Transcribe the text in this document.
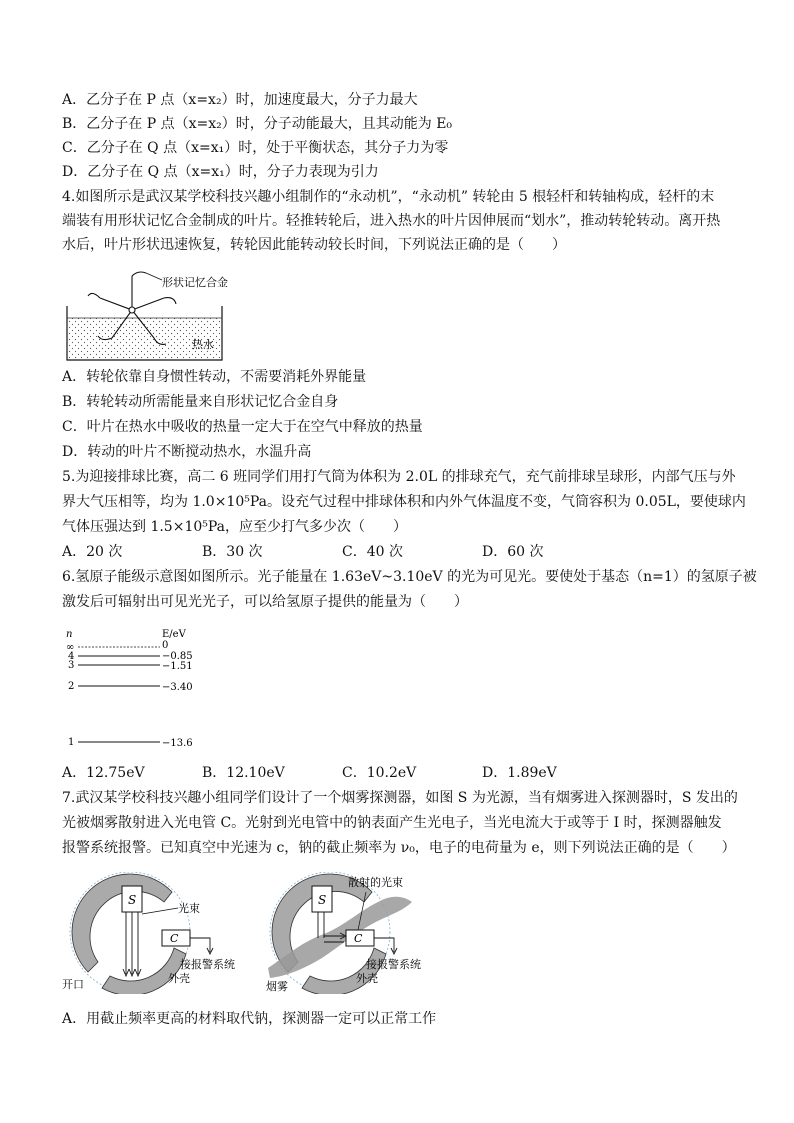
A．乙分子在 P 点（x=x₂）时，加速度最大，分子力最大
B．乙分子在 P 点（x=x₂）时，分子动能最大，且其动能为 E₀
C．乙分子在 Q 点（x=x₁）时，处于平衡状态，其分子力为零
D．乙分子在 Q 点（x=x₁）时，分子力表现为引力
4.如图所示是武汉某学校科技兴趣小组制作的“永动机”，“永动机” 转轮由 5 根轻杆和转轴构成，轻杆的末
端装有用形状记忆合金制成的叶片。轻推转轮后，进入热水的叶片因伸展而“划水”，推动转轮转动。离开热
水后，叶片形状迅速恢复，转轮因此能转动较长时间，下列说法正确的是（　　）
形状记忆合金
热水
A．转轮依靠自身惯性转动，不需要消耗外界能量
B．转轮转动所需能量来自形状记忆合金自身
C．叶片在热水中吸收的热量一定大于在空气中释放的热量
D．转动的叶片不断搅动热水，水温升高
5.为迎接排球比赛，高二 6 班同学们用打气筒为体积为 2.0L 的排球充气，充气前排球呈球形，内部气压与外
界大气压相等，均为 1.0×10⁵Pa。设充气过程中排球体积和内外气体温度不变，气筒容积为 0.05L，要使球内
气体压强达到 1.5×10⁵Pa，应至少打气多少次（　　）
A．20 次	B．30 次	C．40 次	D．60 次
6.氢原子能级示意图如图所示。光子能量在 1.63eV~3.10eV 的光为可见光。要使处于基态（n=1）的氢原子被
激发后可辐射出可见光光子，可以给氢原子提供的能量为（　　）
n	E/eV
∞	0
4	−0.85
3	−1.51
2	−3.40
1	−13.6
A．12.75eV	B．12.10eV	C．10.2eV	D．1.89eV
7.武汉某学校科技兴趣小组同学们设计了一个烟雾探测器，如图 S 为光源，当有烟雾进入探测器时，S 发出的
光被烟雾散射进入光电管 C。光射到光电管中的钠表面产生光电子，当光电流大于或等于 I 时，探测器触发
报警系统报警。已知真空中光速为 c，钠的截止频率为 ν₀，电子的电荷量为 e，则下列说法正确的是（　　）
S
C
光束
接报警系统
外壳
开口
S
C
散射的光束
接报警系统
外壳
烟雾
A．用截止频率更高的材料取代钠，探测器一定可以正常工作
